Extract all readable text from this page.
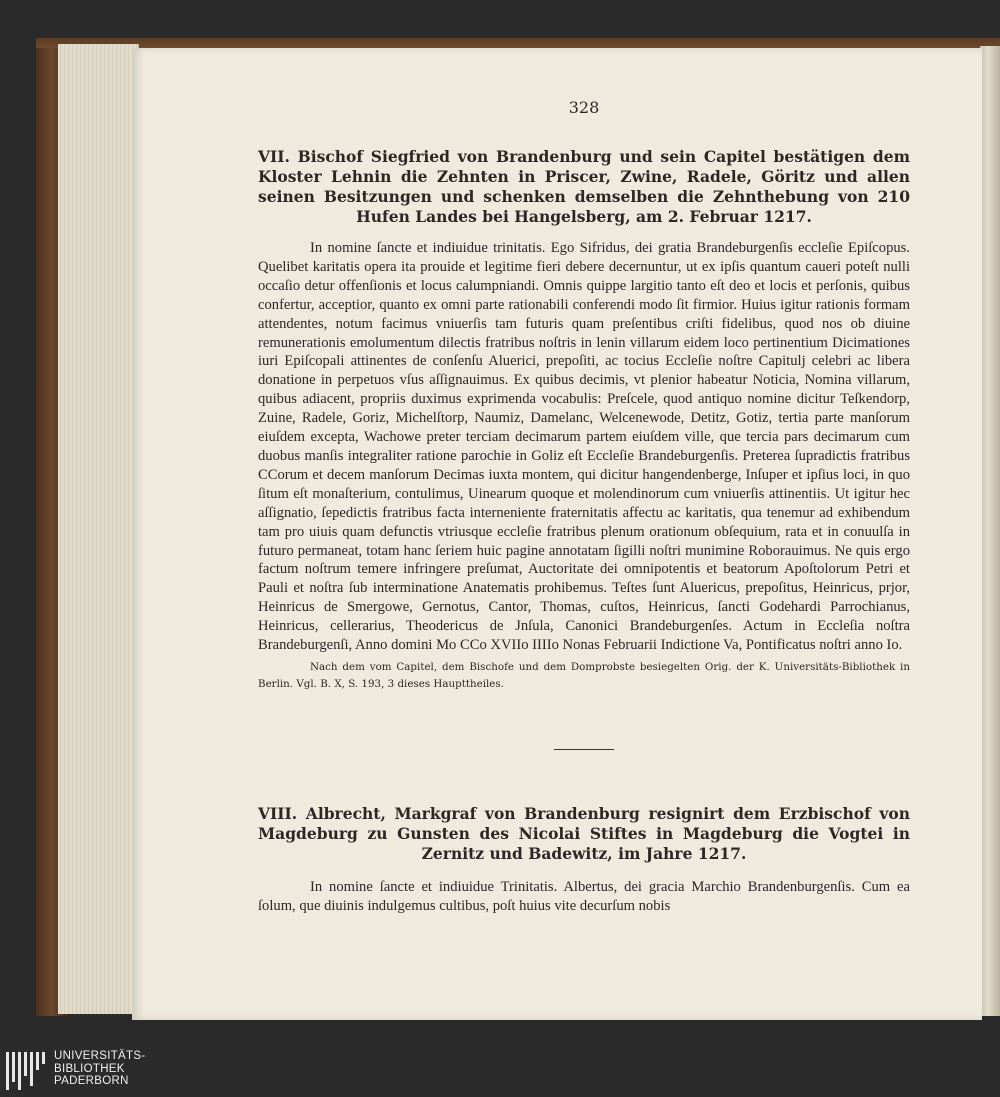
328
VII. Bischof Siegfried von Brandenburg und sein Capitel bestätigen dem Kloster Lehnin die Zehnten in Priscer, Zwine, Radele, Göritz und allen seinen Besitzungen und schenken demselben die Zehnthebung von 210 Hufen Landes bei Hangelsberg, am 2. Februar 1217.

In nomine ſancte et indiuidue trinitatis. Ego Sifridus, dei gratia Brandeburgenſis eccleſie Epiſcopus. Quelibet karitatis opera ita prouide et legitime fieri debere decernuntur, ut ex ipſis quantum caueri poteſt nulli occaſio detur offenſionis et locus calumpniandi. Omnis quippe largitio tanto eſt deo et locis et perſonis, quibus confertur, acceptior, quanto ex omni parte rationabili conferendi modo ſit firmior. Huius igitur rationis formam attendentes, notum facimus vniuerſis tam futuris quam preſentibus criſti fidelibus, quod nos ob diuine remunerationis emolumentum dilectis fratribus noſtris in lenin villarum eidem loco pertinentium Dicimationes iuri Epiſcopali attinentes de conſenſu Aluerici, prepoſiti, ac tocius Eccleſie noſtre Capitulj celebri ac libera donatione in perpetuos vſus aſſignauimus. Ex quibus decimis, vt plenior habeatur Noticia, Nomina villarum, quibus adiacent, propriis duximus exprimenda vocabulis: Preſcele, quod antiquo nomine dicitur Teſkendorp, Zuine, Radele, Goriz, Michelſtorp, Naumiz, Damelanc, Welcenewode, Detitz, Gotiz, tertia parte manſorum eiuſdem excepta, Wachowe preter terciam decimarum partem eiuſdem ville, que tercia pars decimarum cum duobus manſis integraliter ratione parochie in Goliz eſt Eccleſie Brandeburgenſis. Preterea ſupradictis fratribus CCorum et decem manſorum Decimas iuxta montem, qui dicitur hangendenberge, Inſuper et ipſius loci, in quo ſitum eſt monaſterium, contulimus, Uinearum quoque et molendinorum cum vniuerſis attinentiis. Ut igitur hec aſſignatio, ſepedictis fratribus facta interneniente fraternitatis affectu ac karitatis, qua tenemur ad exhibendum tam pro uiuis quam defunctis vtriusque eccleſie fratribus plenum orationum obſequium, rata et in conuulſa in futuro permaneat, totam hanc ſeriem huic pagine annotatam ſigilli noſtri munimine Roborauimus. Ne quis ergo factum noſtrum temere infringere preſumat, Auctoritate dei omnipotentis et beatorum Apoſtolorum Petri et Pauli et noſtra ſub interminatione Anatematis prohibemus. Teſtes ſunt Aluericus, prepoſitus, Heinricus, prjor, Heinricus de Smergowe, Gernotus, Cantor, Thomas, cuſtos, Heinricus, ſancti Godehardi Parrochianus, Heinricus, cellerarius, Theodericus de Jnſula, Canonici Brandeburgenſes. Actum in Eccleſia noſtra Brandeburgenſi, Anno domini Mo CCo XVIIo IIIIo Nonas Februarii Indictione Va, Pontificatus noſtri anno Io.

Nach dem vom Capitel, dem Bischofe und dem Domprobste besiegelten Orig. der K. Universitäts-Bibliothek in Berlin. Vgl. B. X, S. 193, 3 dieses Haupttheiles.

VIII. Albrecht, Markgraf von Brandenburg resignirt dem Erzbischof von Magdeburg zu Gunsten des Nicolai Stiftes in Magdeburg die Vogtei in Zernitz und Badewitz, im Jahre 1217.

In nomine ſancte et indiuidue Trinitatis. Albertus, dei gracia Marchio Brandenburgenſis. Cum ea ſolum, que diuinis indulgemus cultibus, poſt huius vite decurſum nobis

UNIVERSITÄTS-
BIBLIOTHEK
PADERBORN
